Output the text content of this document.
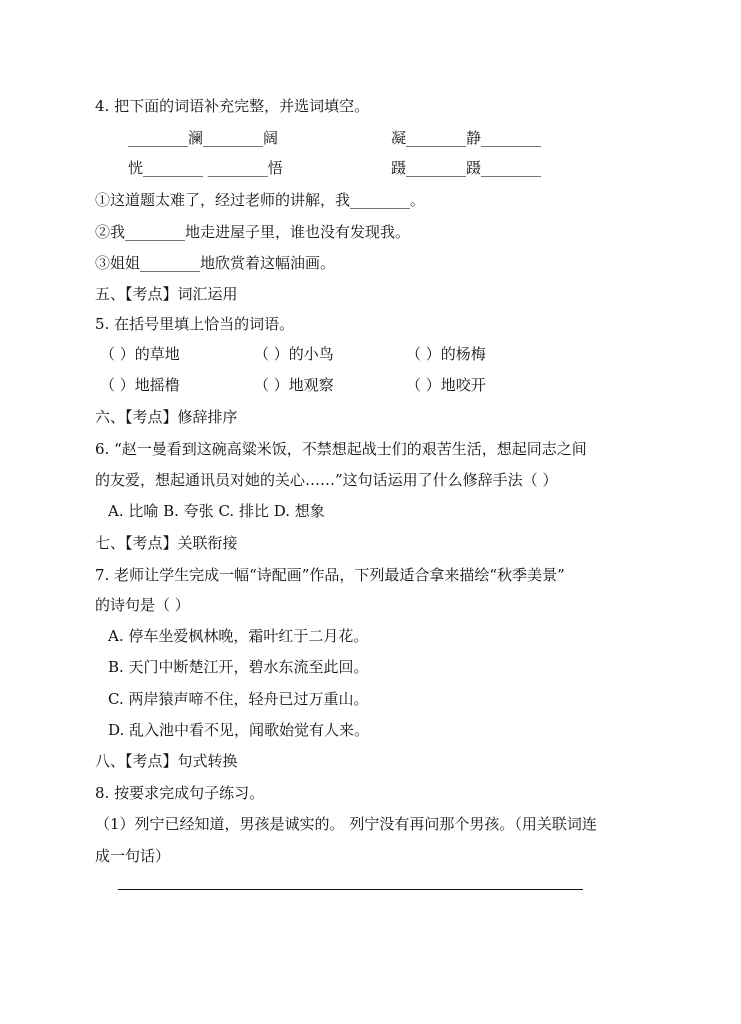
4. 把下面的词语补充完整，并选词填空。
________澜________阔	凝________静________
恍________ ________悟	蹑________蹑________
①这道题太难了，经过老师的讲解，我________。
②我________地走进屋子里，谁也没有发现我。
③姐姐________地欣赏着这幅油画。
五、【考点】词汇运用
5. 在括号里填上恰当的词语。
（ ）的草地	（ ）的小鸟	（ ）的杨梅
（ ）地摇橹	（ ）地观察	（ ）地咬开
六、【考点】修辞排序
6. “赵一曼看到这碗高粱米饭，不禁想起战士们的艰苦生活，想起同志之间
的友爱，想起通讯员对她的关心……”这句话运用了什么修辞手法（ ）
A. 比喻 B. 夸张 C. 排比 D. 想象
七、【考点】关联衔接
7. 老师让学生完成一幅“诗配画”作品，下列最适合拿来描绘“秋季美景”
的诗句是（ ）
A. 停车坐爱枫林晚，霜叶红于二月花。
B. 天门中断楚江开，碧水东流至此回。
C. 两岸猿声啼不住，轻舟已过万重山。
D. 乱入池中看不见，闻歌始觉有人来。
八、【考点】句式转换
8. 按要求完成句子练习。
（1）列宁已经知道，男孩是诚实的。 列宁没有再问那个男孩。（用关联词连
成一句话）
